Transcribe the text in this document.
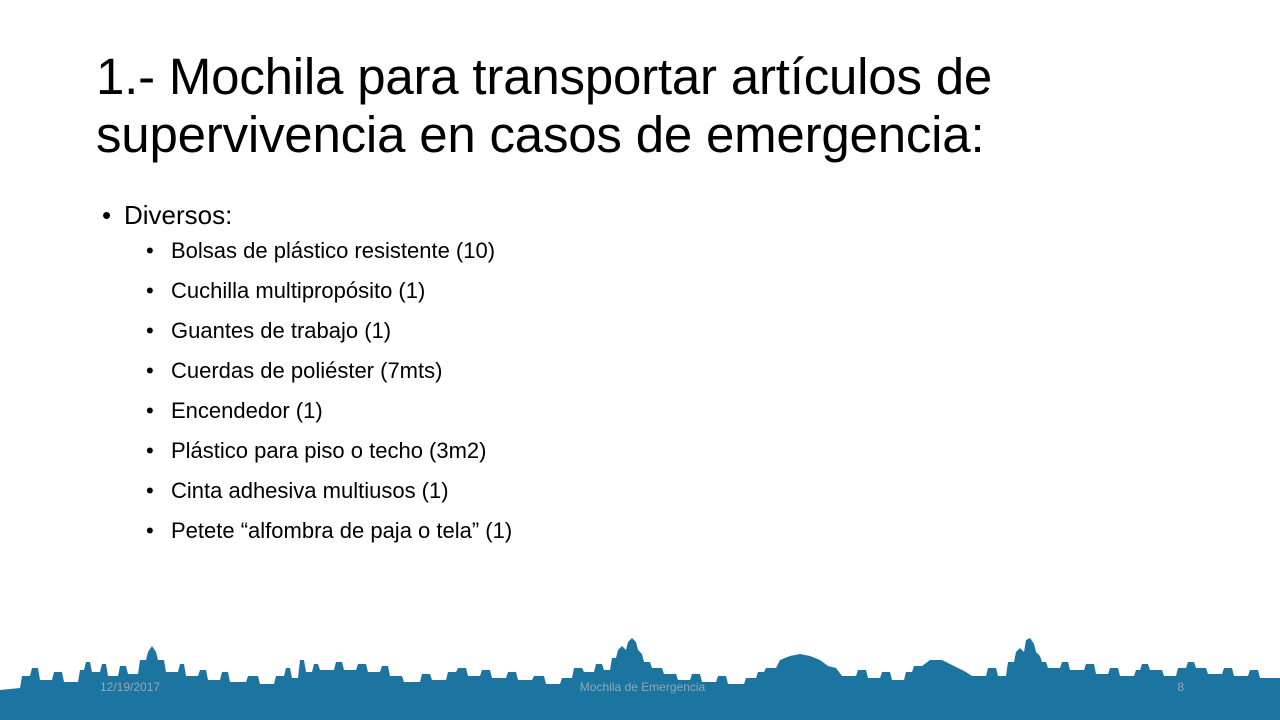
1.- Mochila para transportar artículos de supervivencia en casos de emergencia:
• Diversos:
• Bolsas de plástico resistente (10)
• Cuchilla multipropósito (1)
• Guantes de trabajo (1)
• Cuerdas de poliéster (7mts)
• Encendedor (1)
• Plástico para piso o techo (3m2)
• Cinta adhesiva multiusos (1)
• Petete “alfombra de paja o tela” (1)
12/19/2017	Mochila de Emergencia	8
